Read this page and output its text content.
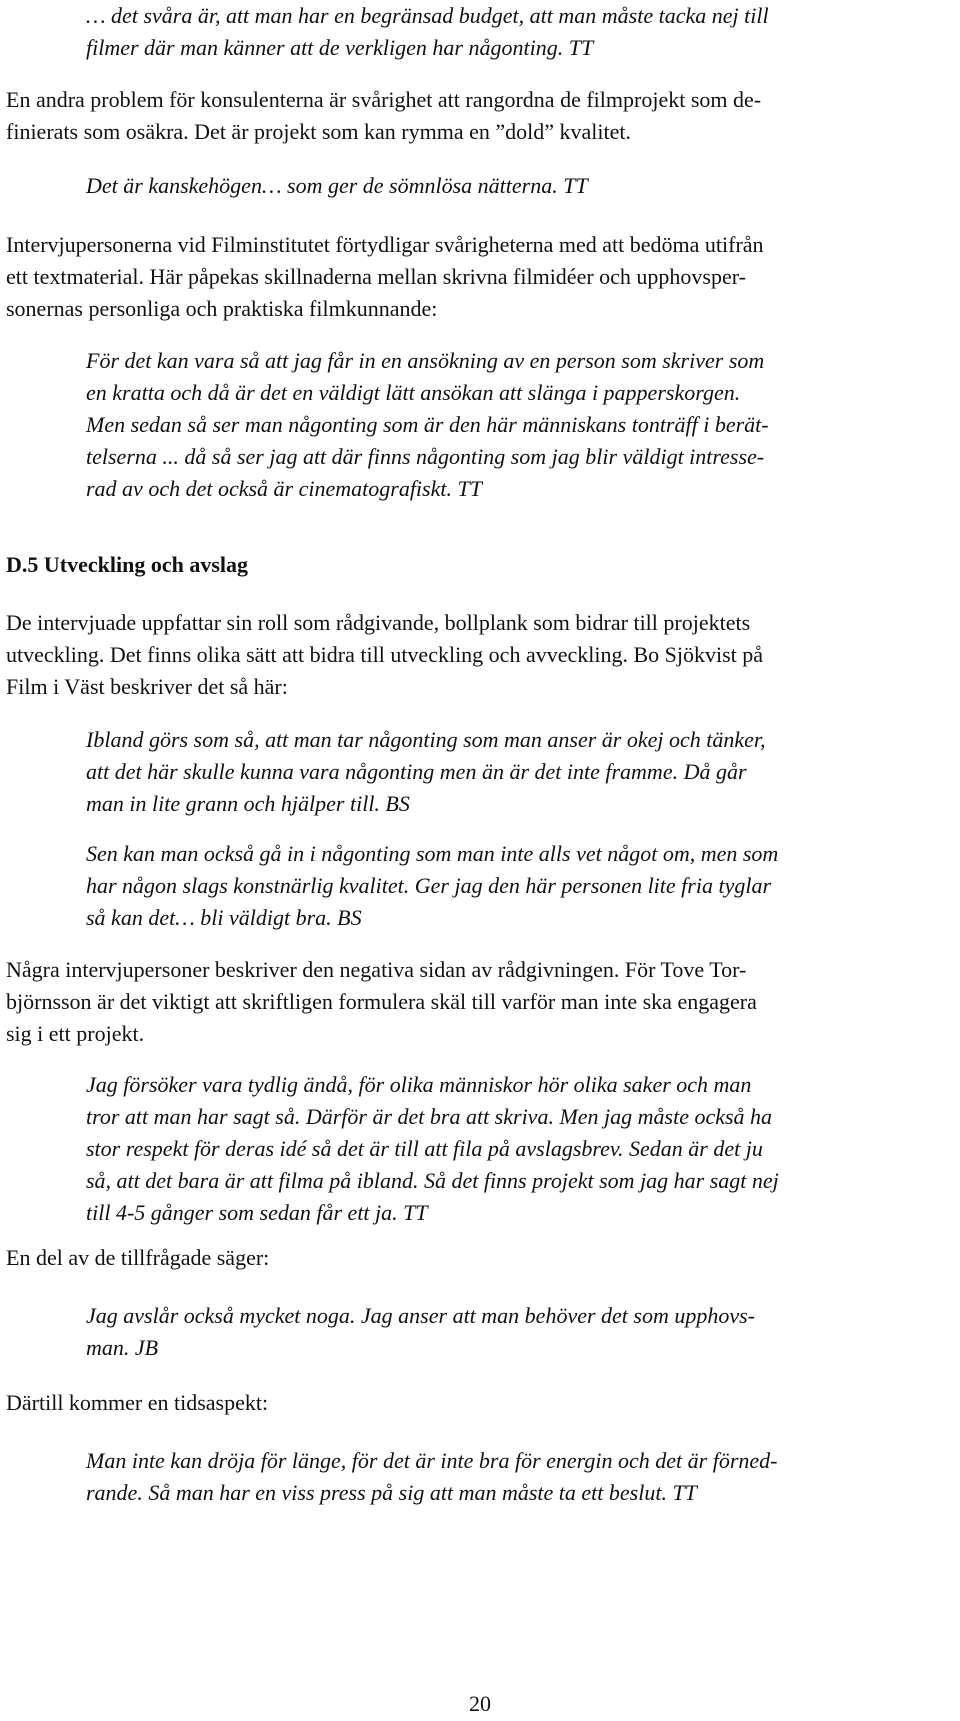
… det svåra är, att man har en begränsad budget, att man måste tacka nej till
filmer där man känner att de verkligen har någonting. TT
En andra problem för konsulenterna är svårighet att rangordna de filmprojekt som de-
finierats som osäkra. Det är projekt som kan rymma en ”dold” kvalitet.
Det är kanskehögen… som ger de sömnlösa nätterna. TT
Intervjupersonerna vid Filminstitutet förtydligar svårigheterna med att bedöma utifrån
ett textmaterial. Här påpekas skillnaderna mellan skrivna filmidéer och upphovsper-
sonernas personliga och praktiska filmkunnande:
För det kan vara så att jag får in en ansökning av en person som skriver som
en kratta och då är det en väldigt lätt ansökan att slänga i papperskorgen.
Men sedan så ser man någonting som är den här människans tonträff i berät-
telserna ... då så ser jag att där finns någonting som jag blir väldigt intresse-
rad av och det också är cinematografiskt. TT
D.5 Utveckling och avslag
De intervjuade uppfattar sin roll som rådgivande, bollplank som bidrar till projektets
utveckling. Det finns olika sätt att bidra till utveckling och avveckling. Bo Sjökvist på
Film i Väst beskriver det så här:
Ibland görs som så, att man tar någonting som man anser är okej och tänker,
att det här skulle kunna vara någonting men än är det inte framme. Då går
man in lite grann och hjälper till. BS
Sen kan man också gå in i någonting som man inte alls vet något om, men som
har någon slags konstnärlig kvalitet. Ger jag den här personen lite fria tyglar
så kan det… bli väldigt bra. BS
Några intervjupersoner beskriver den negativa sidan av rådgivningen. För Tove Tor-
björnsson är det viktigt att skriftligen formulera skäl till varför man inte ska engagera
sig i ett projekt.
Jag försöker vara tydlig ändå, för olika människor hör olika saker och man
tror att man har sagt så. Därför är det bra att skriva. Men jag måste också ha
stor respekt för deras idé så det är till att fila på avslagsbrev. Sedan är det ju
så, att det bara är att filma på ibland. Så det finns projekt som jag har sagt nej
till 4-5 gånger som sedan får ett ja. TT
En del av de tillfrågade säger:
Jag avslår också mycket noga. Jag anser att man behöver det som upphovs-
man. JB
Därtill kommer en tidsaspekt:
Man inte kan dröja för länge, för det är inte bra för energin och det är förned-
rande. Så man har en viss press på sig att man måste ta ett beslut. TT
20
